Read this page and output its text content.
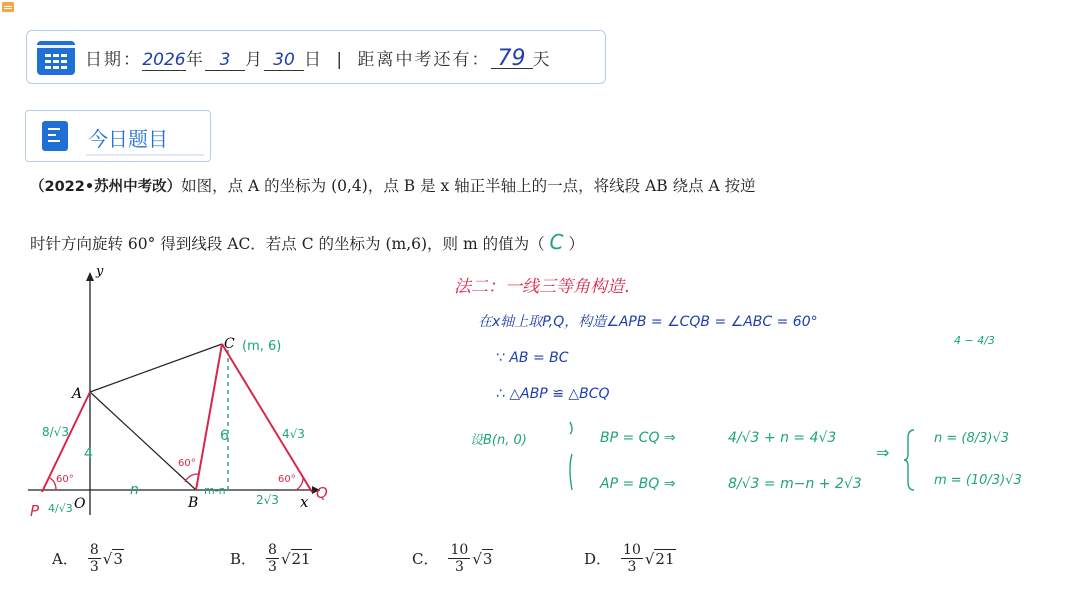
日期：2026年 3 月 30 日 | 距离中考还有： 79 天
今日题目
（2022•苏州中考改）如图，点 A 的坐标为 (0,4)，点 B 是 x 轴正半轴上的一点，将线段 AB 绕点 A 按逆
时针方向旋转 60° 得到线段 AC．若点 C 的坐标为 (m,6)，则 m 的值为（ C ）
y
x
O
A
B
C
P
Q
(m, 6)
8/√3
4
n
4/√3
6
m-n
2√3
4√3
60°
60°
60°
法二：一线三等角构造．
在x轴上取P,Q，构造∠APB = ∠CQB = ∠ABC = 60°
∵ AB = BC
∴ △ABP ≌ △BCQ
设B(n, 0)	BP = CQ ⇒	4/√3 + n = 4√3
AP = BQ ⇒	8/√3 = m−n + 2√3
⇒
n = (8/3)√3
m = (10/3)√3
4 − 4/3
A． $\frac{8}{3} √3$	B． $\frac{8}{3} √21$	C． $\frac{10}{3} √3$	D． $\frac{10}{3} √21$
